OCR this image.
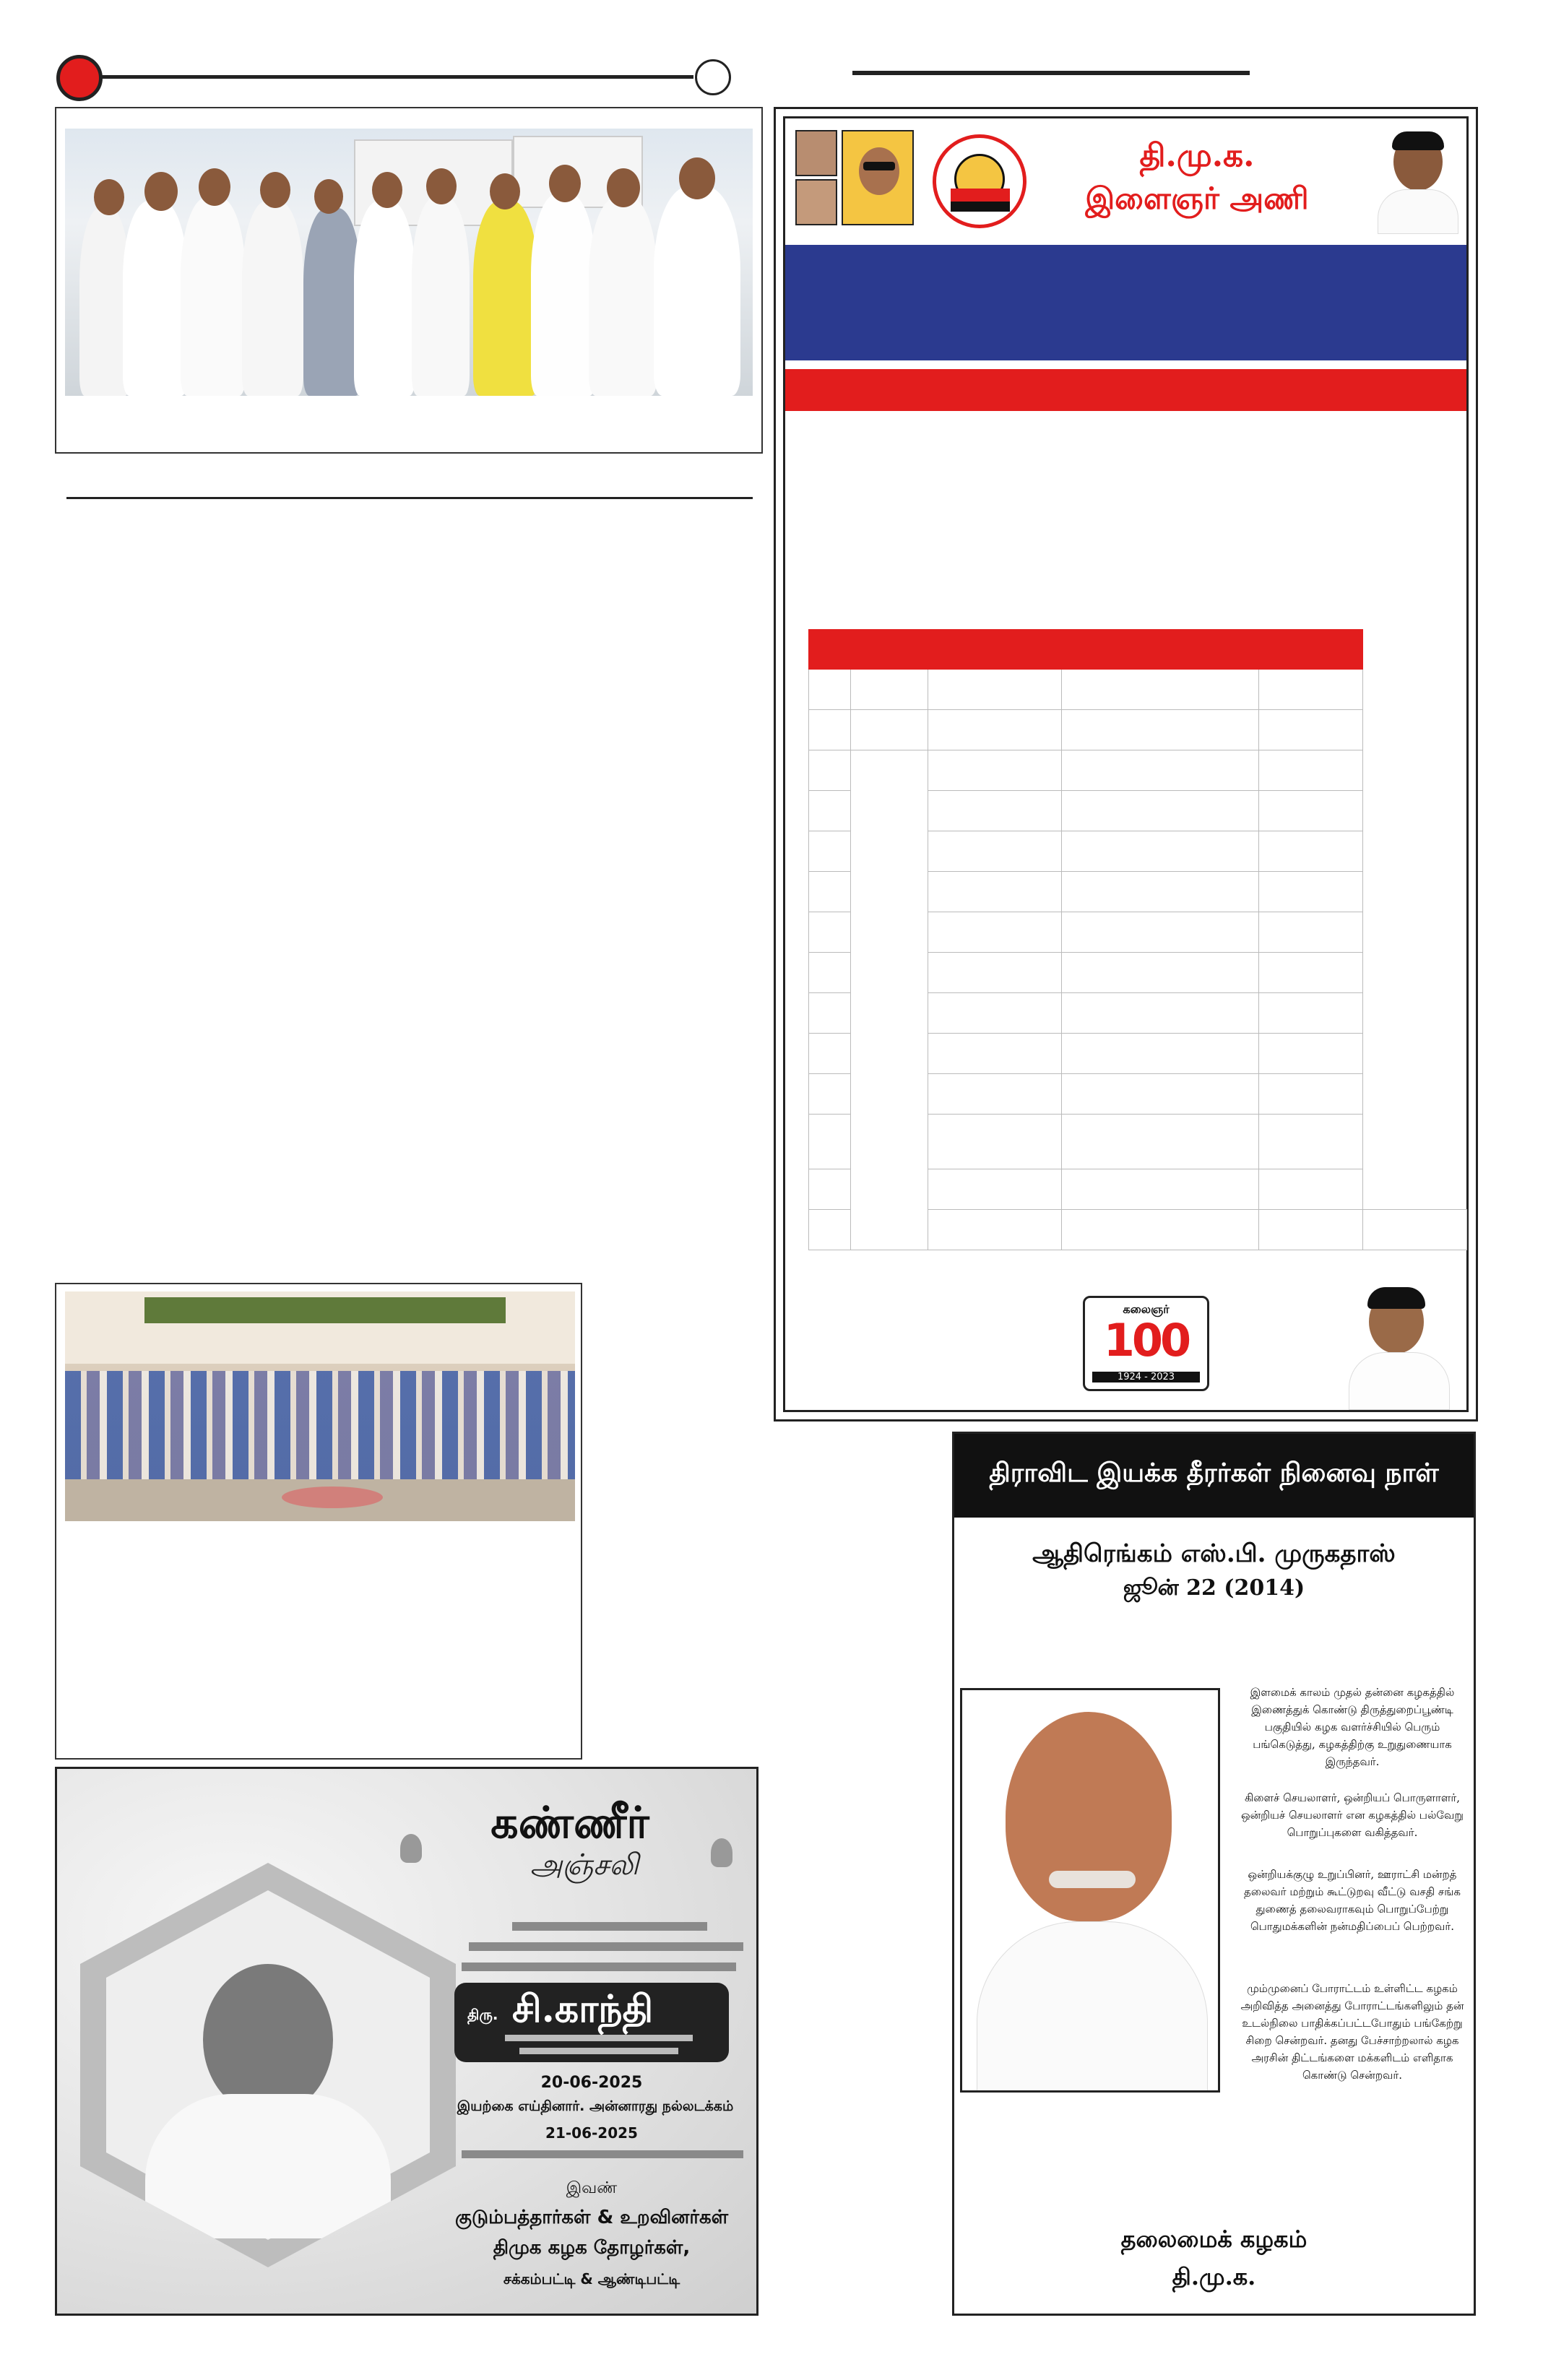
தி.மு.க.
இளைஞர் அணி

கலைஞர்
100
1924 - 2023
கண்ணீர்
அஞ்சலி
திரு. சி.காந்தி
20-06-2025
இயற்கை எய்தினார். அன்னாரது நல்லடக்கம்
21-06-2025
இவண்
குடும்பத்தார்கள் & உறவினர்கள்
திமுக கழக தோழர்கள்,
சக்கம்பட்டி & ஆண்டிபட்டி
திராவிட இயக்க தீரர்கள் நினைவு நாள்
ஆதிரெங்கம் எஸ்.பி. முருகதாஸ்
ஜூன் 22 (2014)
இளமைக் காலம் முதல் தன்னை கழகத்தில் இணைத்துக் கொண்டு திருத்துறைப்பூண்டி பகுதியில் கழக வளர்ச்சியில் பெரும் பங்கெடுத்து, கழகத்திற்கு உறுதுணையாக இருந்தவர்.
கிளைச் செயலாளர், ஒன்றியப் பொருளாளர், ஒன்றியச் செயலாளர் என கழகத்தில் பல்வேறு பொறுப்புகளை வகித்தவர்.
ஒன்றியக்குழு உறுப்பினர், ஊராட்சி மன்றத் தலைவர் மற்றும் கூட்டுறவு வீட்டு வசதி சங்க துணைத் தலைவராகவும் பொறுப்பேற்று பொதுமக்களின் நன்மதிப்பைப் பெற்றவர்.
மும்முனைப் போராட்டம் உள்ளிட்ட கழகம் அறிவித்த அனைத்து போராட்டங்களிலும் தன் உடல்நிலை பாதிக்கப்பட்டபோதும் பங்கேற்று சிறை சென்றவர். தனது பேச்சாற்றலால் கழக அரசின் திட்டங்களை மக்களிடம் எளிதாக கொண்டு சென்றவர்.
தலைமைக் கழகம்
தி.மு.க.
